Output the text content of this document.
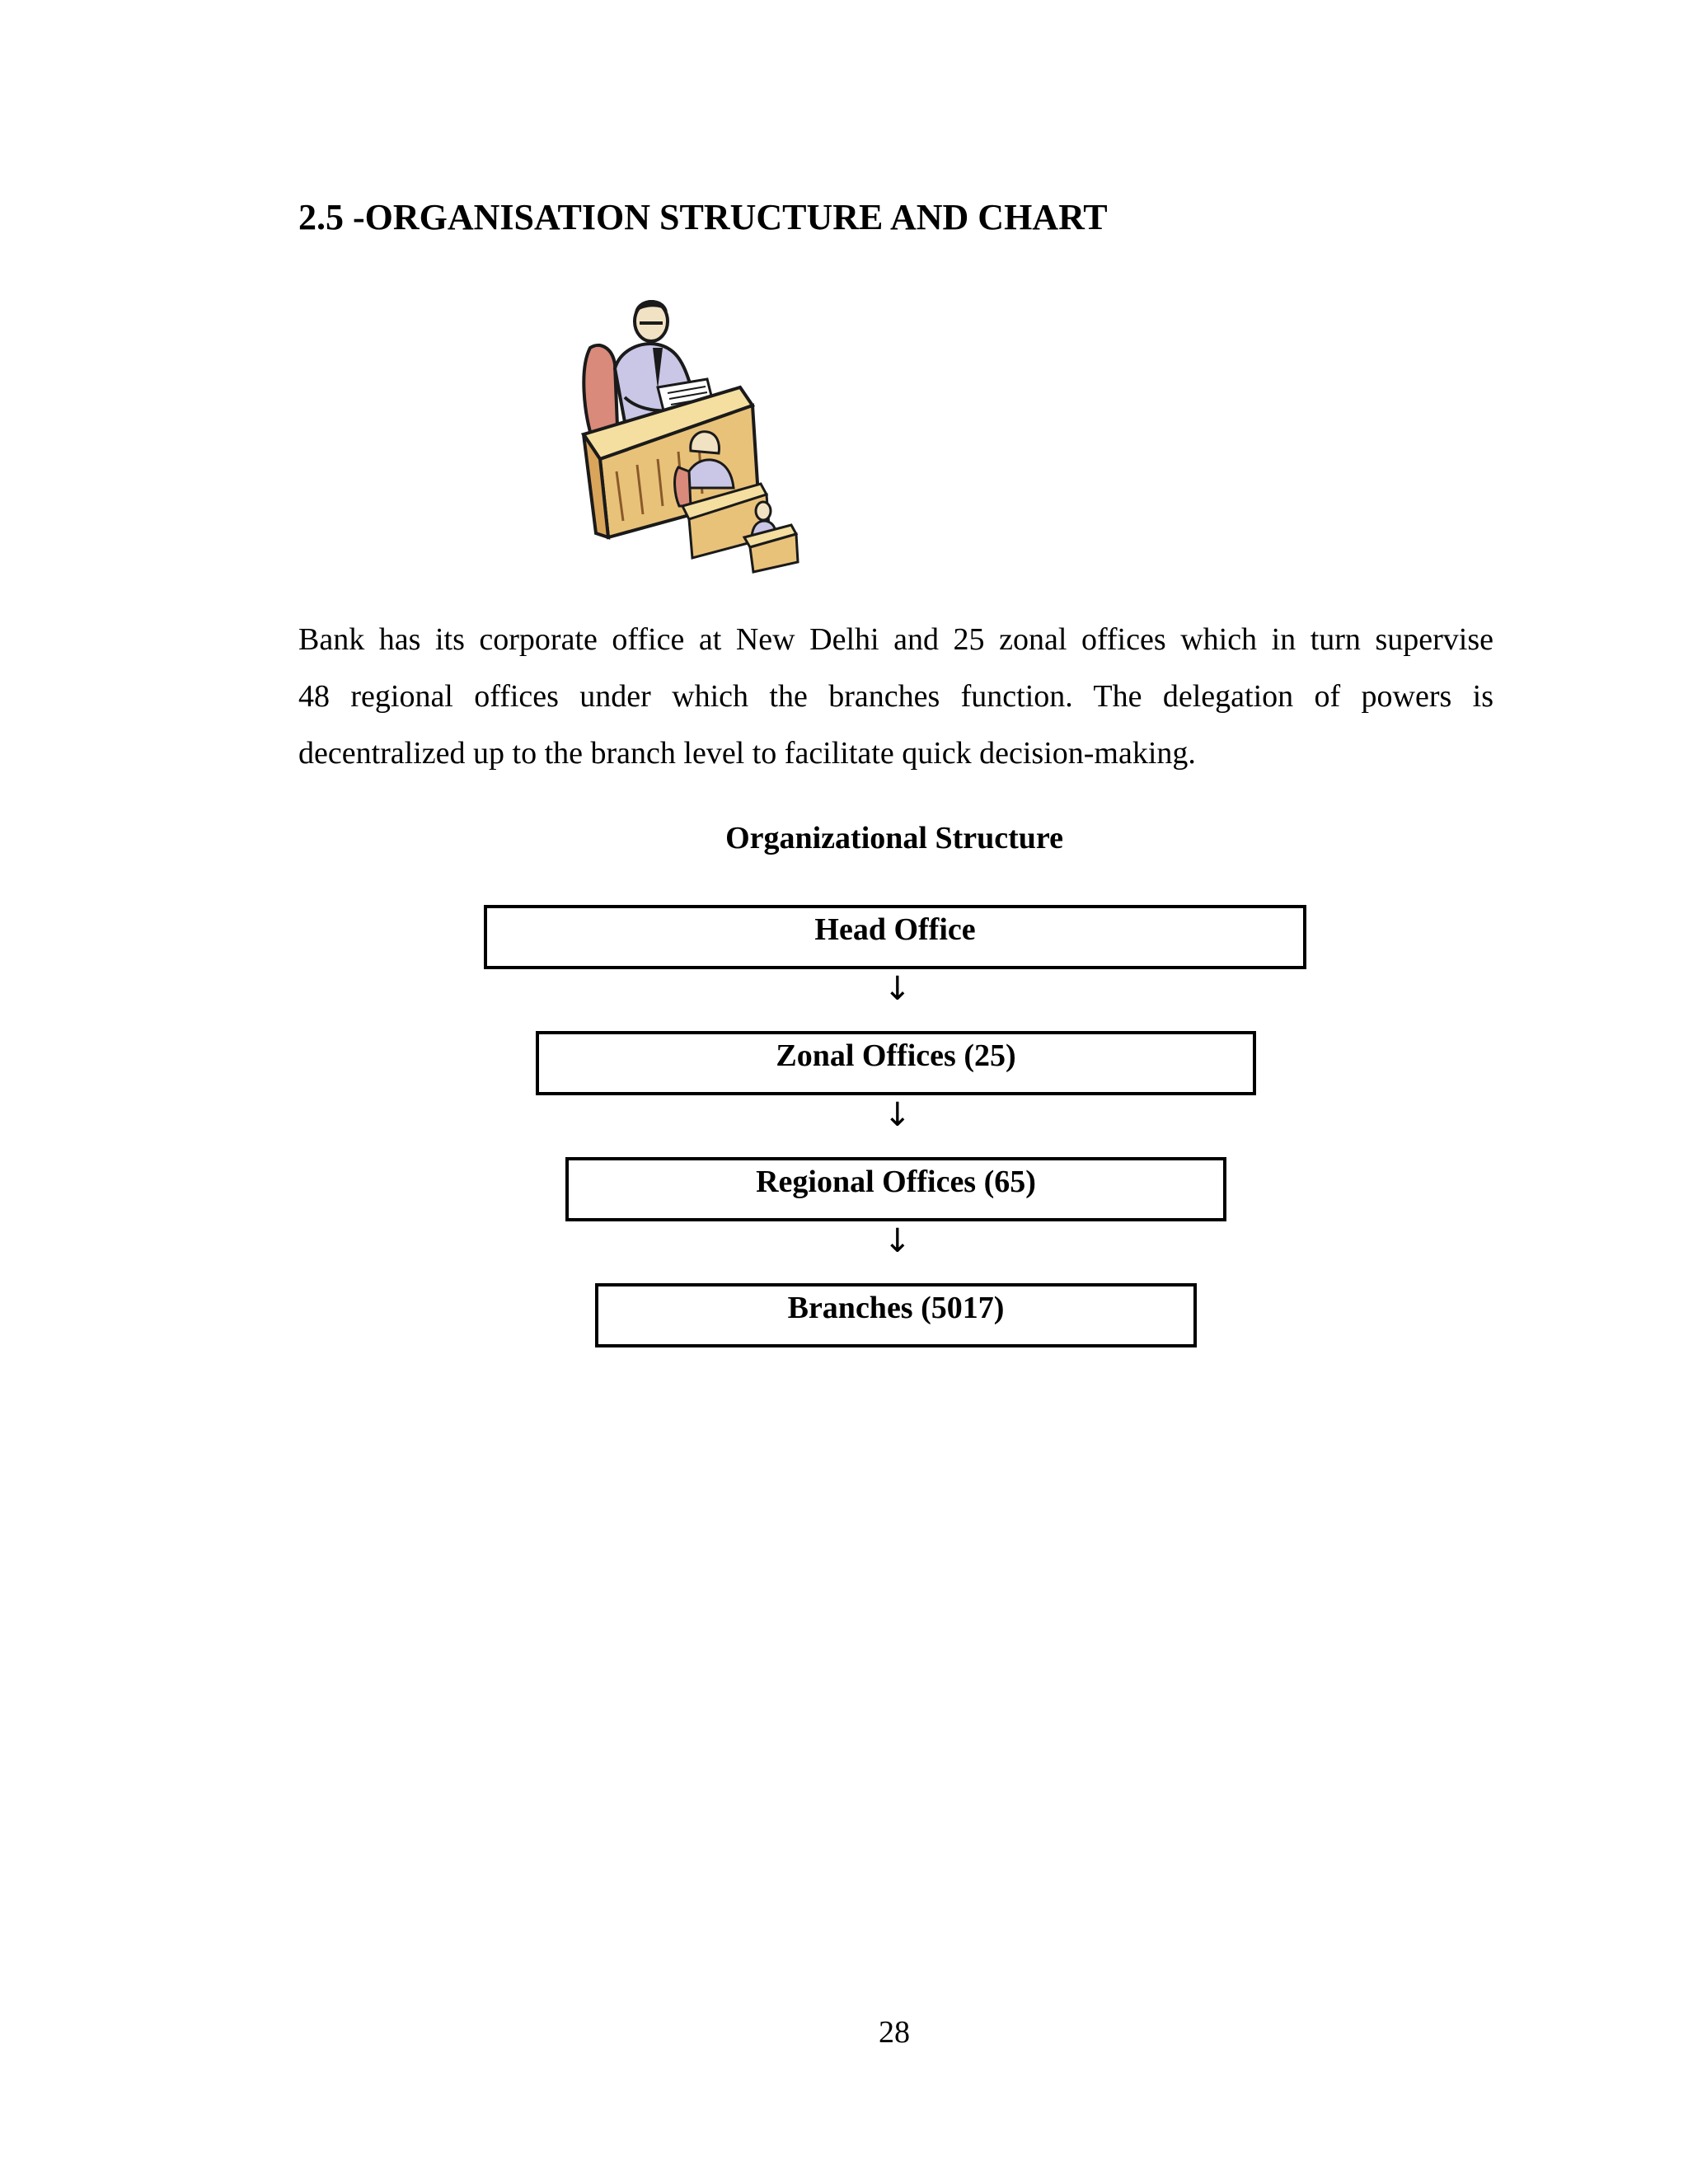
2.5 -ORGANISATION STRUCTURE AND CHART
Bank has its corporate office at New Delhi and 25 zonal offices which in turn supervise
48 regional offices under which the branches function. The delegation of powers is
decentralized up to the branch level to facilitate quick decision-making.
Organizational Structure
Head Office
↓
Zonal Offices (25)
↓
Regional Offices (65)
↓
Branches (5017)
28
